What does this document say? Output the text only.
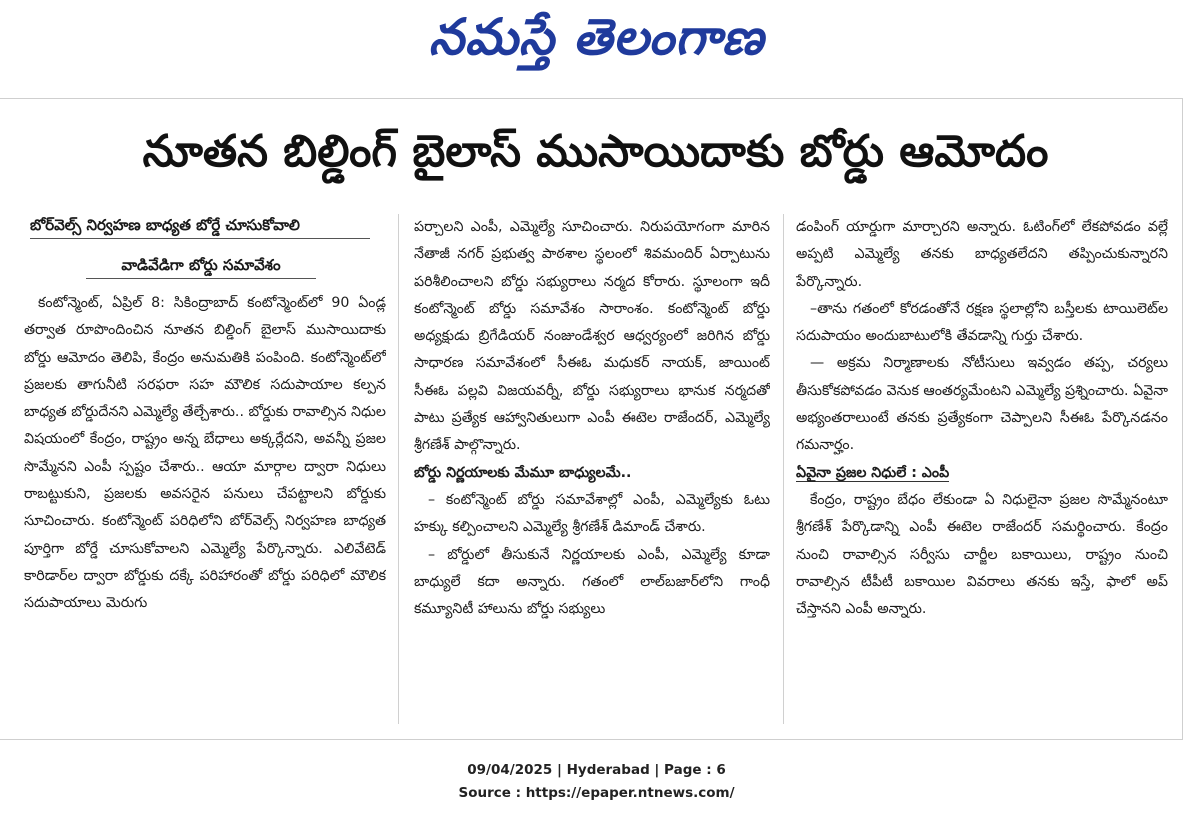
నమస్తే తెలంగాణ
నూతన బిల్డింగ్ బైలాస్ ముసాయిదాకు బోర్డు ఆమోదం
బోర్‌వెల్స్ నిర్వహణ బాధ్యత బోర్డే చూసుకోవాలి
వాడివేడిగా బోర్డు సమావేశం

కంటోన్మెంట్, ఏప్రిల్ 8: సికింద్రాబాద్ కంటోన్మెంట్‌లో 90 ఏండ్ల తర్వాత రూపొందించిన నూతన బిల్డింగ్ బైలాస్ ముసాయిదాకు బోర్డు ఆమోదం తెలిపి, కేంద్రం అనుమతికి పంపింది. కంటోన్మెంట్‌లో ప్రజలకు తాగునీటి సరఫరా సహ మౌలిక సదుపాయాల కల్పన బాధ్యత బోర్డుదేనని ఎమ్మెల్యే తేల్చేశారు.. బోర్డుకు రావాల్సిన నిధుల విషయంలో కేంద్రం, రాష్ట్రం అన్న బేధాలు అక్కర్లేదని, అవన్నీ ప్రజల సొమ్మేనని ఎంపీ స్పష్టం చేశారు.. ఆయా మార్గాల ద్వారా నిధులు రాబట్టుకుని, ప్రజలకు అవసరైన పనులు చేపట్టాలని బోర్డుకు సూచించారు. కంటోన్మెంట్ పరిధిలోని బోర్‌వెల్స్ నిర్వహణ బాధ్యత పూర్తిగా బోర్డే చూసుకోవాలని ఎమ్మెల్యే పేర్కొన్నారు. ఎలివేటెడ్ కారిడార్‌ల ద్వారా బోర్డుకు దక్కే పరిహారంతో బోర్డు పరిధిలో మౌలిక సదుపాయాలు మెరుగు

పర్చాలని ఎంపీ, ఎమ్మెల్యే సూచించారు. నిరుపయోగంగా మారిన నేతాజీ నగర్ ప్రభుత్వ పాఠశాల స్థలంలో శివమందిర్ ఏర్పాటును పరిశీలించాలని బోర్డు సభ్యురాలు నర్మద కోరారు. స్థూలంగా ఇదీ కంటోన్మెంట్ బోర్డు సమావేశం సారాంశం. కంటోన్మెంట్ బోర్డు అధ్యక్షుడు బ్రిగేడియర్ నంజుండేశ్వర ఆధ్వర్యంలో జరిగిన బోర్డు సాధారణ సమావేశంలో సీఈఓ మధుకర్ నాయక్, జాయింట్ సీఈఓ పల్లవి విజయవర్నీ, బోర్డు సభ్యురాలు భానుక నర్మదతో పాటు ప్రత్యేక ఆహ్వానితులుగా ఎంపీ ఈటెల రాజేందర్, ఎమ్మెల్యే శ్రీగణేశ్ పాల్గొన్నారు.

బోర్డు నిర్ణయాలకు మేమూ బాధ్యులమే..

– కంటోన్మెంట్ బోర్డు సమావేశాల్లో ఎంపీ, ఎమ్మెల్యేకు ఓటు హక్కు కల్పించాలని ఎమ్మెల్యే శ్రీగణేశ్ డిమాండ్ చేశారు.

– బోర్డులో తీసుకునే నిర్ణయాలకు ఎంపీ, ఎమ్మెల్యే కూడా బాధ్యులే కదా అన్నారు. గతంలో లాల్‌బజార్‌లోని గాంధీ కమ్యూనిటీ హాలును బోర్డు సభ్యులు

డంపింగ్ యార్డుగా మార్చారని అన్నారు. ఓటింగ్‌లో లేకపోవడం వల్లే అప్పటి ఎమ్మెల్యే తనకు బాధ్యతలేదని తప్పించుకున్నారని పేర్కొన్నారు.

–తాను గతంలో కోరడంతోనే రక్షణ స్థలాల్లోని బస్తీలకు టాయిలెట్‌ల సదుపాయం అందుబాటులోకి తేవడాన్ని గుర్తు చేశారు.

— అక్రమ నిర్మాణాలకు నోటీసులు ఇవ్వడం తప్ప, చర్యలు తీసుకోకపోవడం వెనుక ఆంతర్యమేంటని ఎమ్మెల్యే ప్రశ్నించారు. ఏవైనా అభ్యంతరాలుంటే తనకు ప్రత్యేకంగా చెప్పాలని సీఈఓ పేర్కొనడనం గమనార్హం.

ఏవైనా ప్రజల నిధులే : ఎంపీ

కేంద్రం, రాష్ట్రం బేధం లేకుండా ఏ నిధులైనా ప్రజల సొమ్మేనంటూ శ్రీగణేశ్ పేర్కొడాన్ని ఎంపీ ఈటెల రాజేందర్ సమర్థించారు. కేంద్రం నుంచి రావాల్సిన సర్వీసు చార్జీల బకాయిలు, రాష్ట్రం నుంచి రావాల్సిన టీపీటీ బకాయిల వివరాలు తనకు ఇస్తే, ఫాలో అప్ చేస్తానని ఎంపీ అన్నారు.

09/04/2025 | Hyderabad | Page : 6
Source : https://epaper.ntnews.com/
